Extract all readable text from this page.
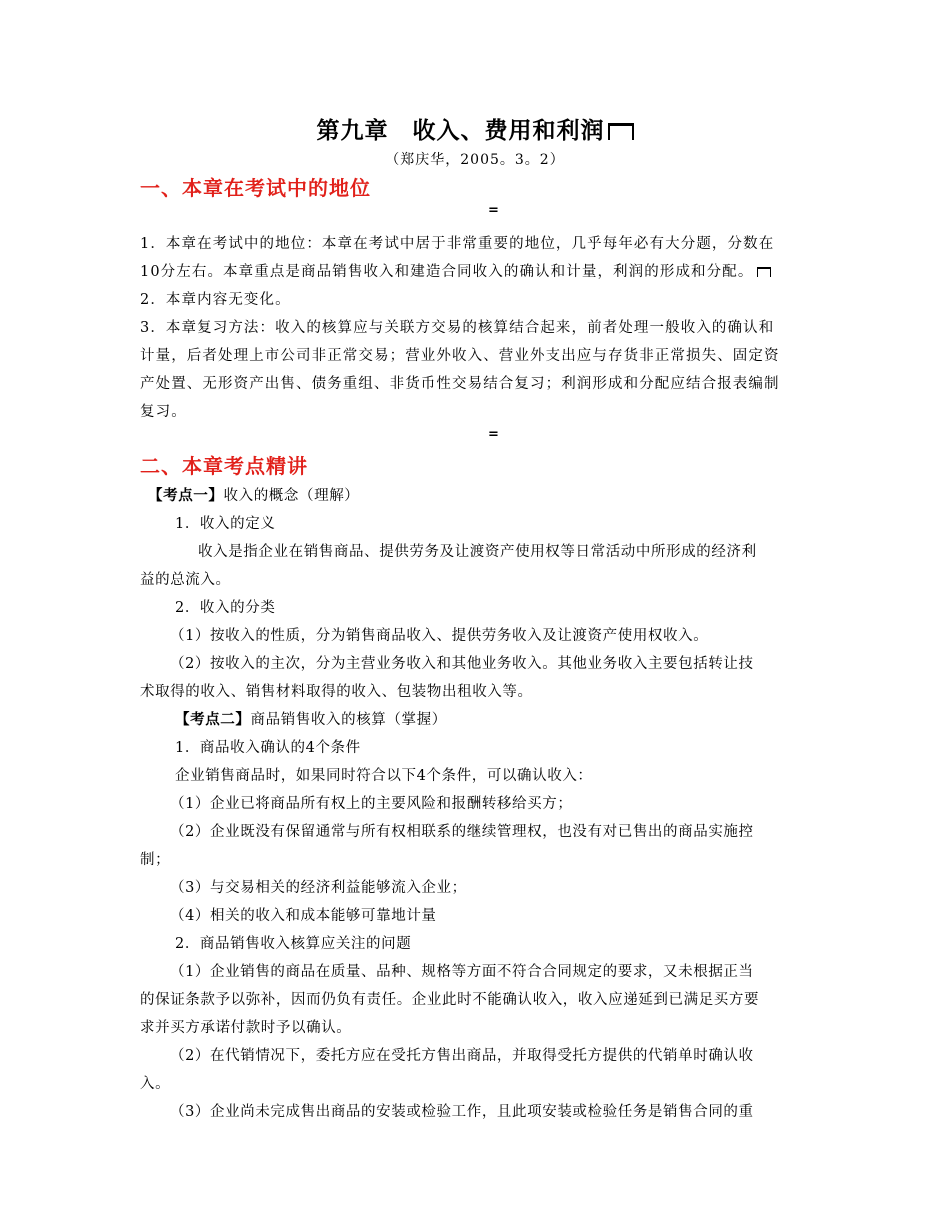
第九章　收入、费用和利润
（郑庆华，2005。3。2）
一、本章在考试中的地位
=
1．本章在考试中的地位：本章在考试中居于非常重要的地位，几乎每年必有大分题，分数在
10分左右。本章重点是商品销售收入和建造合同收入的确认和计量，利润的形成和分配。
2．本章内容无变化。
3．本章复习方法：收入的核算应与关联方交易的核算结合起来，前者处理一般收入的确认和
计量，后者处理上市公司非正常交易；营业外收入、营业外支出应与存货非正常损失、固定资
产处置、无形资产出售、债务重组、非货币性交易结合复习；利润形成和分配应结合报表编制
复习。
=
二、本章考点精讲
【考点一】收入的概念（理解）
1．收入的定义
收入是指企业在销售商品、提供劳务及让渡资产使用权等日常活动中所形成的经济利
益的总流入。
2．收入的分类
（1）按收入的性质，分为销售商品收入、提供劳务收入及让渡资产使用权收入。
（2）按收入的主次，分为主营业务收入和其他业务收入。其他业务收入主要包括转让技
术取得的收入、销售材料取得的收入、包装物出租收入等。
【考点二】商品销售收入的核算（掌握）
1．商品收入确认的4个条件
企业销售商品时，如果同时符合以下4个条件，可以确认收入：
（1）企业已将商品所有权上的主要风险和报酬转移给买方；
（2）企业既没有保留通常与所有权相联系的继续管理权，也没有对已售出的商品实施控
制；
（3）与交易相关的经济利益能够流入企业；
（4）相关的收入和成本能够可靠地计量
2．商品销售收入核算应关注的问题
（1）企业销售的商品在质量、品种、规格等方面不符合合同规定的要求，又未根据正当
的保证条款予以弥补，因而仍负有责任。企业此时不能确认收入，收入应递延到已满足买方要
求并买方承诺付款时予以确认。
（2）在代销情况下，委托方应在受托方售出商品，并取得受托方提供的代销单时确认收
入。
（3）企业尚未完成售出商品的安装或检验工作，且此项安装或检验任务是销售合同的重
